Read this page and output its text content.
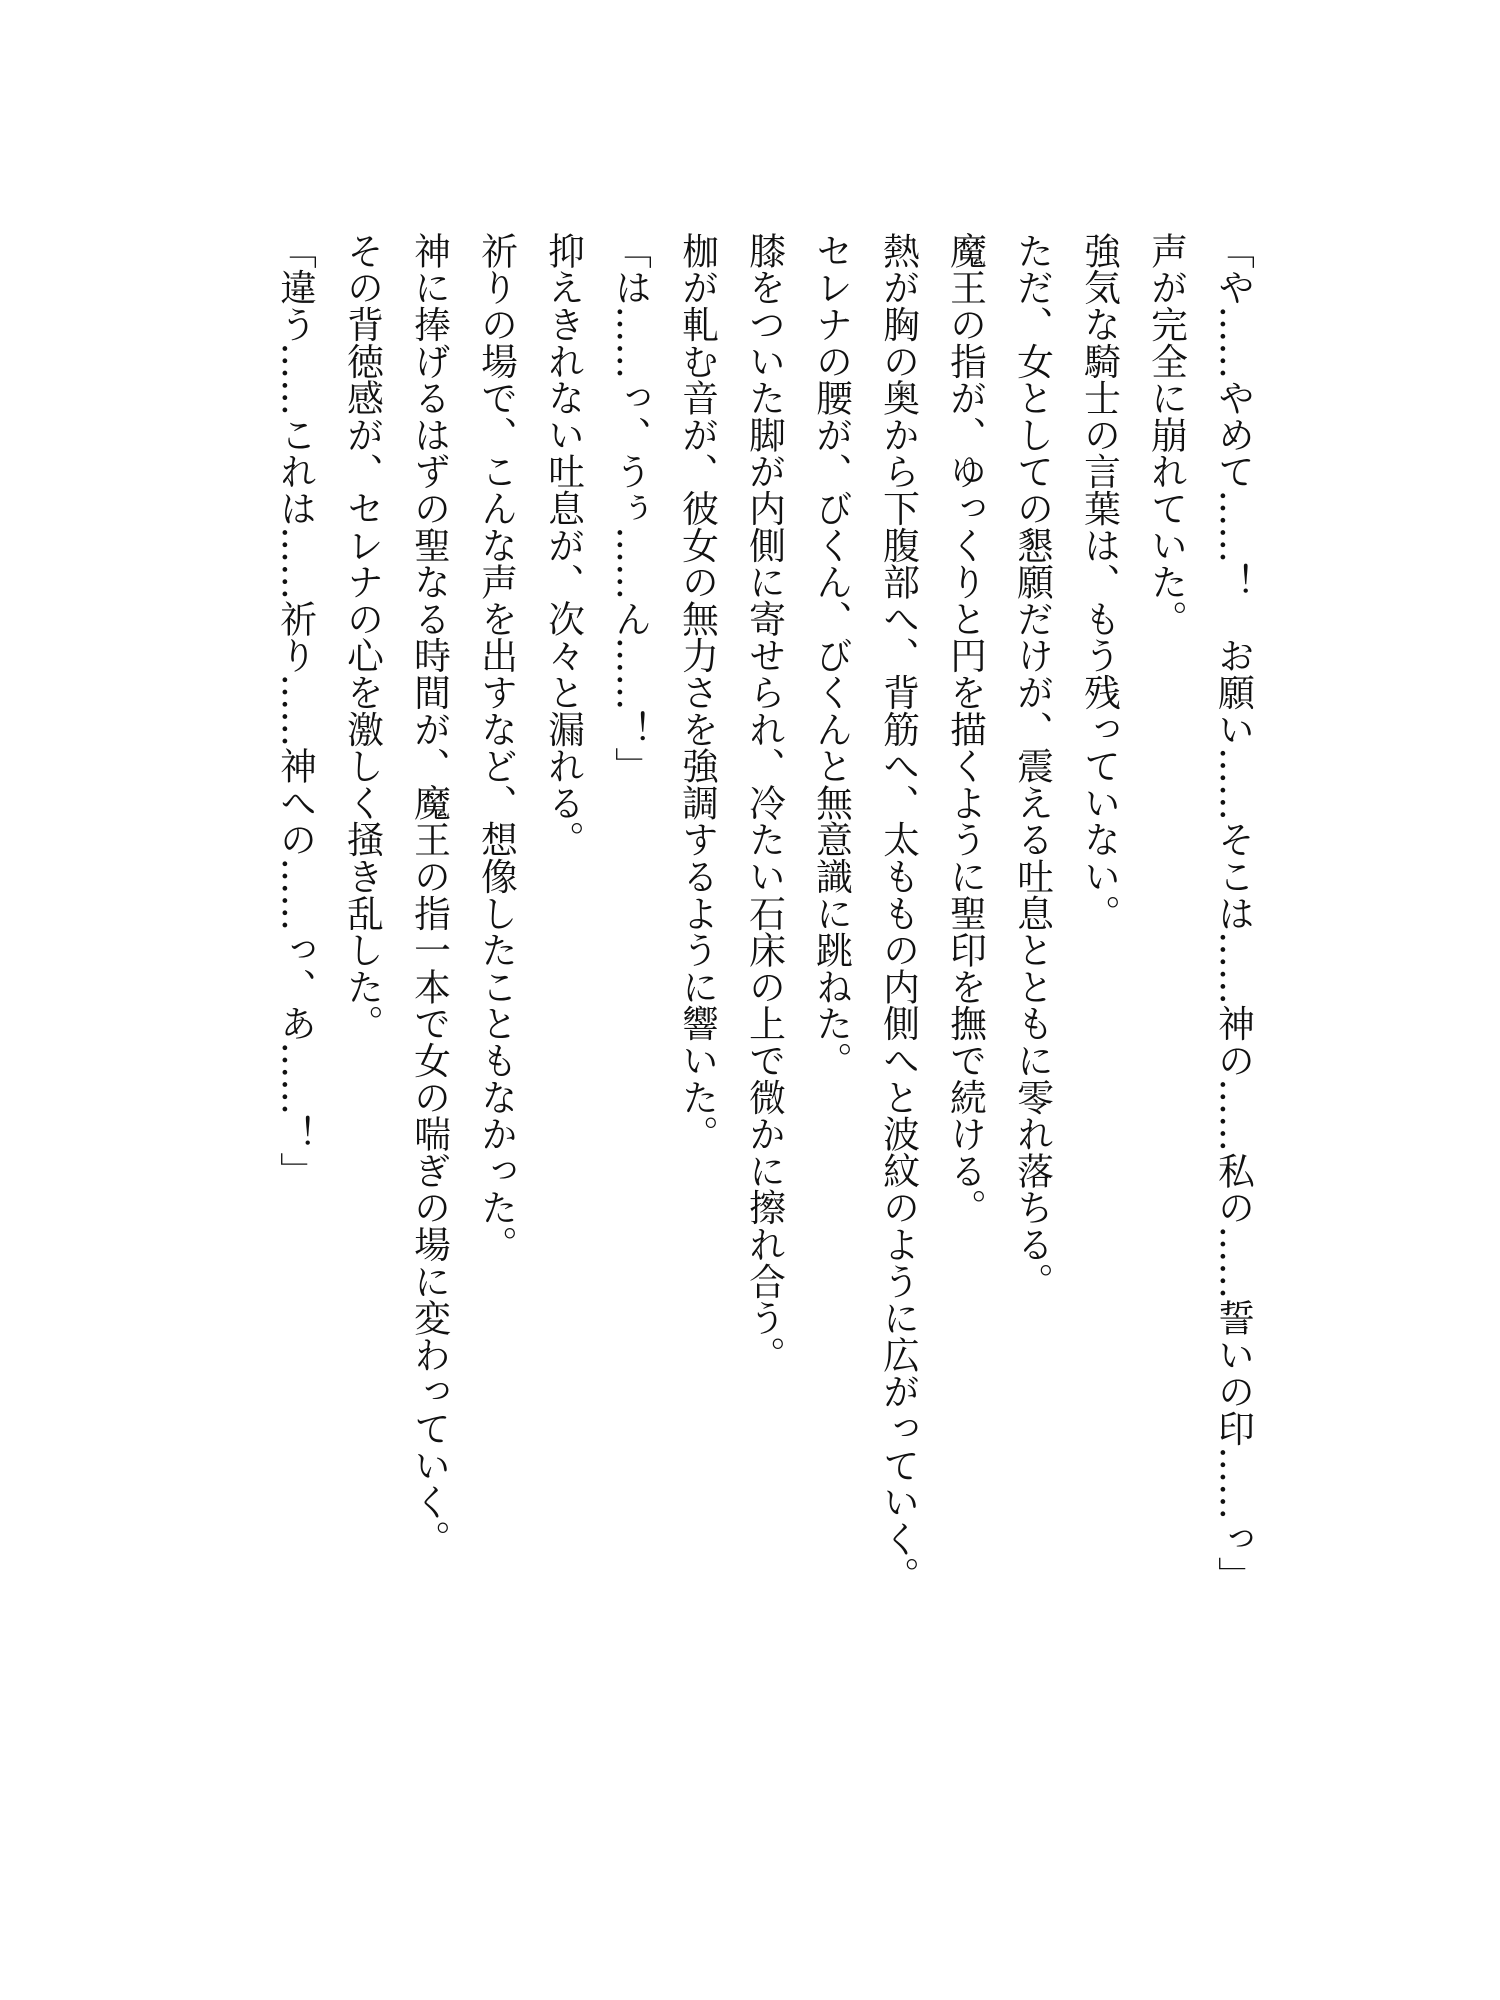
「や……やめて……！　お願い……そこは……神の……私の……誓いの印……っ」
声が完全に崩れていた。
強気な騎士の言葉は、もう残っていない。
ただ、女としての懇願だけが、震える吐息とともに零れ落ちる。
魔王の指が、ゆっくりと円を描くように聖印を撫で続ける。
熱が胸の奥から下腹部へ、背筋へ、太ももの内側へと波紋のように広がっていく。
セレナの腰が、びくん、びくんと無意識に跳ねた。
膝をついた脚が内側に寄せられ、冷たい石床の上で微かに擦れ合う。
枷が軋む音が、彼女の無力さを強調するように響いた。
「は……っ、うぅ……ん……！」
抑えきれない吐息が、次々と漏れる。
祈りの場で、こんな声を出すなど、想像したこともなかった。
神に捧げるはずの聖なる時間が、魔王の指一本で女の喘ぎの場に変わっていく。
その背徳感が、セレナの心を激しく掻き乱した。
「違う……これは……祈り……神への……っ、あ……！」
